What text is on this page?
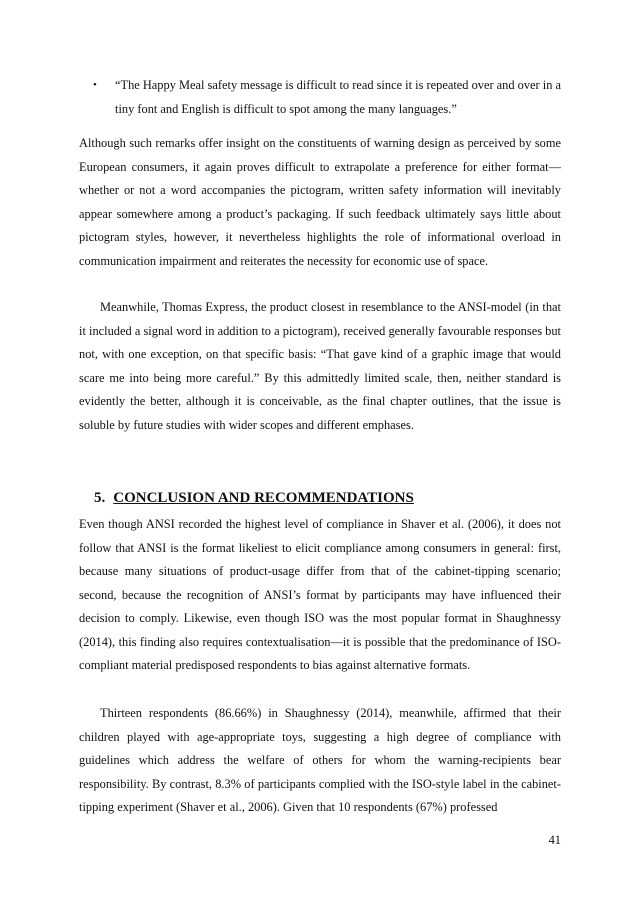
• “The Happy Meal safety message is difficult to read since it is repeated over and over in a tiny font and English is difficult to spot among the many languages.”

Although such remarks offer insight on the constituents of warning design as perceived by some European consumers, it again proves difficult to extrapolate a preference for either format—whether or not a word accompanies the pictogram, written safety information will inevitably appear somewhere among a product’s packaging. If such feedback ultimately says little about pictogram styles, however, it nevertheless highlights the role of informational overload in communication impairment and reiterates the necessity for economic use of space.

Meanwhile, Thomas Express, the product closest in resemblance to the ANSI-model (in that it included a signal word in addition to a pictogram), received generally favourable responses but not, with one exception, on that specific basis: “That gave kind of a graphic image that would scare me into being more careful.” By this admittedly limited scale, then, neither standard is evidently the better, although it is conceivable, as the final chapter outlines, that the issue is soluble by future studies with wider scopes and different emphases.

5. CONCLUSION AND RECOMMENDATIONS

Even though ANSI recorded the highest level of compliance in Shaver et al. (2006), it does not follow that ANSI is the format likeliest to elicit compliance among consumers in general: first, because many situations of product-usage differ from that of the cabinet-tipping scenario; second, because the recognition of ANSI’s format by participants may have influenced their decision to comply. Likewise, even though ISO was the most popular format in Shaughnessy (2014), this finding also requires contextualisation—it is possible that the predominance of ISO-compliant material predisposed respondents to bias against alternative formats.

Thirteen respondents (86.66%) in Shaughnessy (2014), meanwhile, affirmed that their children played with age-appropriate toys, suggesting a high degree of compliance with guidelines which address the welfare of others for whom the warning-recipients bear responsibility. By contrast, 8.3% of participants complied with the ISO-style label in the cabinet-tipping experiment (Shaver et al., 2006). Given that 10 respondents (67%) professed

41
